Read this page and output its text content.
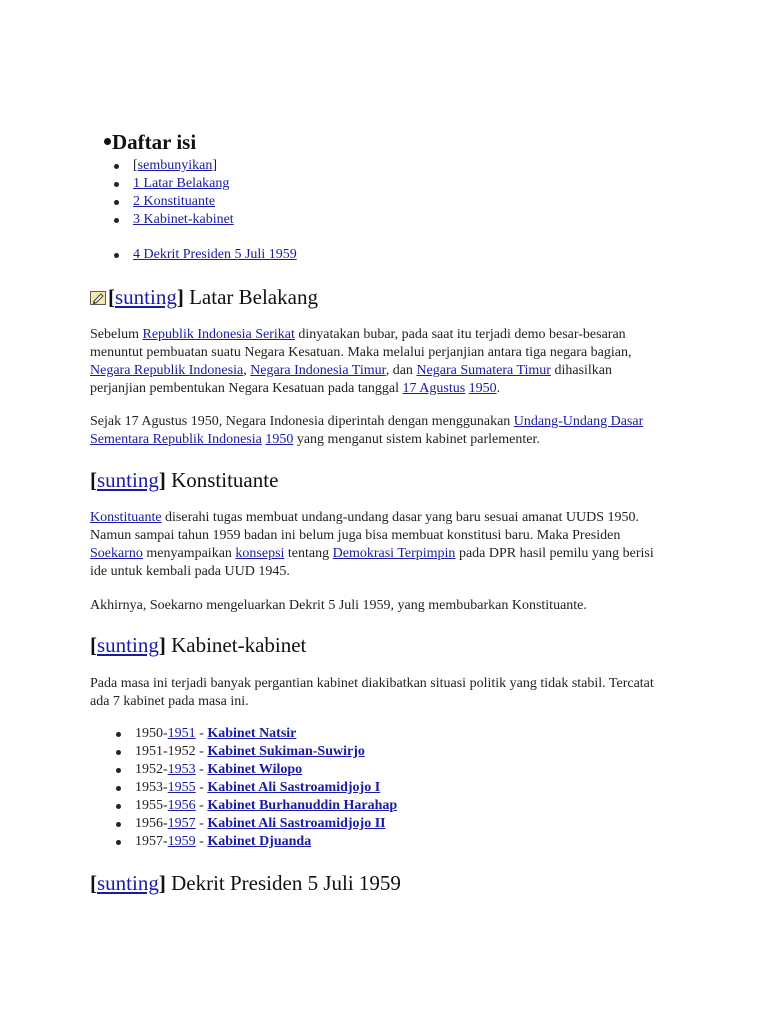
Daftar isi
[sembunyikan]
1 Latar Belakang
2 Konstituante
3 Kabinet-kabinet
4 Dekrit Presiden 5 Juli 1959
[sunting] Latar Belakang

Sebelum Republik Indonesia Serikat dinyatakan bubar, pada saat itu terjadi demo besar-besaran menuntut pembuatan suatu Negara Kesatuan. Maka melalui perjanjian antara tiga negara bagian, Negara Republik Indonesia, Negara Indonesia Timur, dan Negara Sumatera Timur dihasilkan perjanjian pembentukan Negara Kesatuan pada tanggal 17 Agustus 1950.

Sejak 17 Agustus 1950, Negara Indonesia diperintah dengan menggunakan Undang-Undang Dasar Sementara Republik Indonesia 1950 yang menganut sistem kabinet parlementer.

[sunting] Konstituante

Konstituante diserahi tugas membuat undang-undang dasar yang baru sesuai amanat UUDS 1950. Namun sampai tahun 1959 badan ini belum juga bisa membuat konstitusi baru. Maka Presiden Soekarno menyampaikan konsepsi tentang Demokrasi Terpimpin pada DPR hasil pemilu yang berisi ide untuk kembali pada UUD 1945.

Akhirnya, Soekarno mengeluarkan Dekrit 5 Juli 1959, yang membubarkan Konstituante.

[sunting] Kabinet-kabinet

Pada masa ini terjadi banyak pergantian kabinet diakibatkan situasi politik yang tidak stabil. Tercatat ada 7 kabinet pada masa ini.

1950-1951 - Kabinet Natsir
1951-1952 - Kabinet Sukiman-Suwirjo
1952-1953 - Kabinet Wilopo
1953-1955 - Kabinet Ali Sastroamidjojo I
1955-1956 - Kabinet Burhanuddin Harahap
1956-1957 - Kabinet Ali Sastroamidjojo II
1957-1959 - Kabinet Djuanda
[sunting] Dekrit Presiden 5 Juli 1959
